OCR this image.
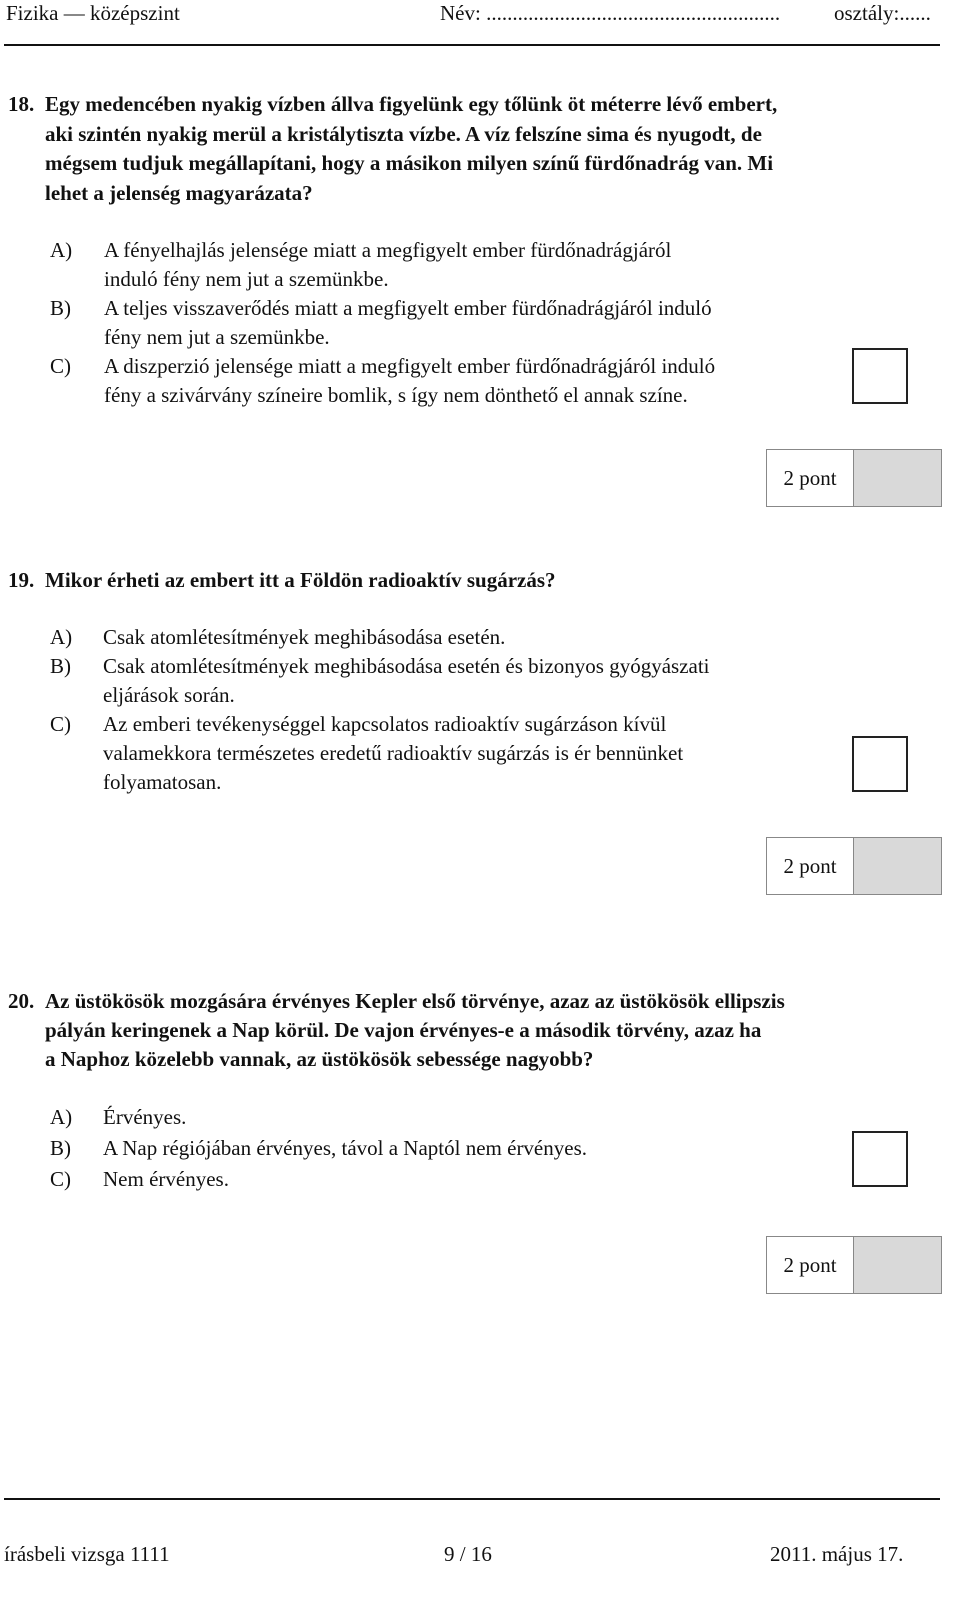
Fizika — középszint	Név: ........................................................	osztály:......
18. Egy medencében nyakig vízben állva figyelünk egy tőlünk öt méterre lévő embert,
aki szintén nyakig merül a kristálytiszta vízbe. A víz felszíne sima és nyugodt, de
mégsem tudjuk megállapítani, hogy a másikon milyen színű fürdőnadrág van. Mi
lehet a jelenség magyarázata?
A) A fényelhajlás jelensége miatt a megfigyelt ember fürdőnadrágjáról
induló fény nem jut a szemünkbe.
B) A teljes visszaverődés miatt a megfigyelt ember fürdőnadrágjáról induló
fény nem jut a szemünkbe.
C) A diszperzió jelensége miatt a megfigyelt ember fürdőnadrágjáról induló
fény a szivárvány színeire bomlik, s így nem dönthető el annak színe.
2 pont
19. Mikor érheti az embert itt a Földön radioaktív sugárzás?
A) Csak atomlétesítmények meghibásodása esetén.
B) Csak atomlétesítmények meghibásodása esetén és bizonyos gyógyászati
eljárások során.
C) Az emberi tevékenységgel kapcsolatos radioaktív sugárzáson kívül
valamekkora természetes eredetű radioaktív sugárzás is ér bennünket
folyamatosan.
2 pont
20. Az üstökösök mozgására érvényes Kepler első törvénye, azaz az üstökösök ellipszis
pályán keringenek a Nap körül. De vajon érvényes-e a második törvény, azaz ha
a Naphoz közelebb vannak, az üstökösök sebessége nagyobb?
A) Érvényes.
B) A Nap régiójában érvényes, távol a Naptól nem érvényes.
C) Nem érvényes.
2 pont
írásbeli vizsga 1111	9 / 16	2011. május 17.
